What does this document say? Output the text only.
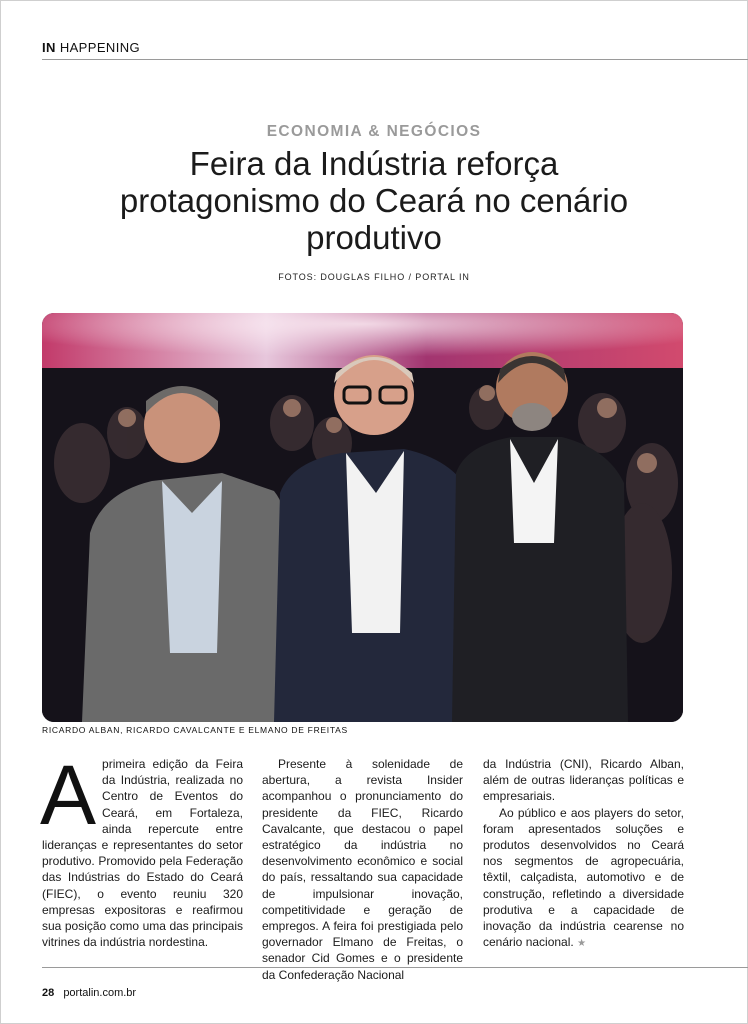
IN HAPPENING
ECONOMIA & NEGÓCIOS
Feira da Indústria reforça protagonismo do Ceará no cenário produtivo
FOTOS: DOUGLAS FILHO / PORTAL IN
RICARDO ALBAN, RICARDO CAVALCANTE E ELMANO DE FREITAS

Aprimeira edição da Feira da Indústria, realizada no Centro de Eventos do Ceará, em Fortaleza, ainda repercute entre lideranças e representantes do setor produtivo. Promovido pela Federação das Indústrias do Estado do Ceará (FIEC), o evento reuniu 320 empresas expositoras e reafirmou sua posição como uma das principais vitrines da indústria nordestina.

Presente à solenidade de abertura, a revista Insider acompanhou o pronunciamento do presidente da FIEC, Ricardo Cavalcante, que destacou o papel estratégico da indústria no desenvolvimento econômico e social do país, ressaltando sua capacidade de impulsionar inovação, competitividade e geração de empregos. A feira foi prestigiada pelo governador Elmano de Freitas, o senador Cid Gomes e o presidente da Confederação Nacional

da Indústria (CNI), Ricardo Alban, além de outras lideranças políticas e empresariais.

Ao público e aos players do setor, foram apresentados soluções e produtos desenvolvidos no Ceará nos segmentos de agropecuária, têxtil, calçadista, automotivo e de construção, refletindo a diversidade produtiva e a capacidade de inovação da indústria cearense no cenário nacional. ★

28 portalin.com.br
